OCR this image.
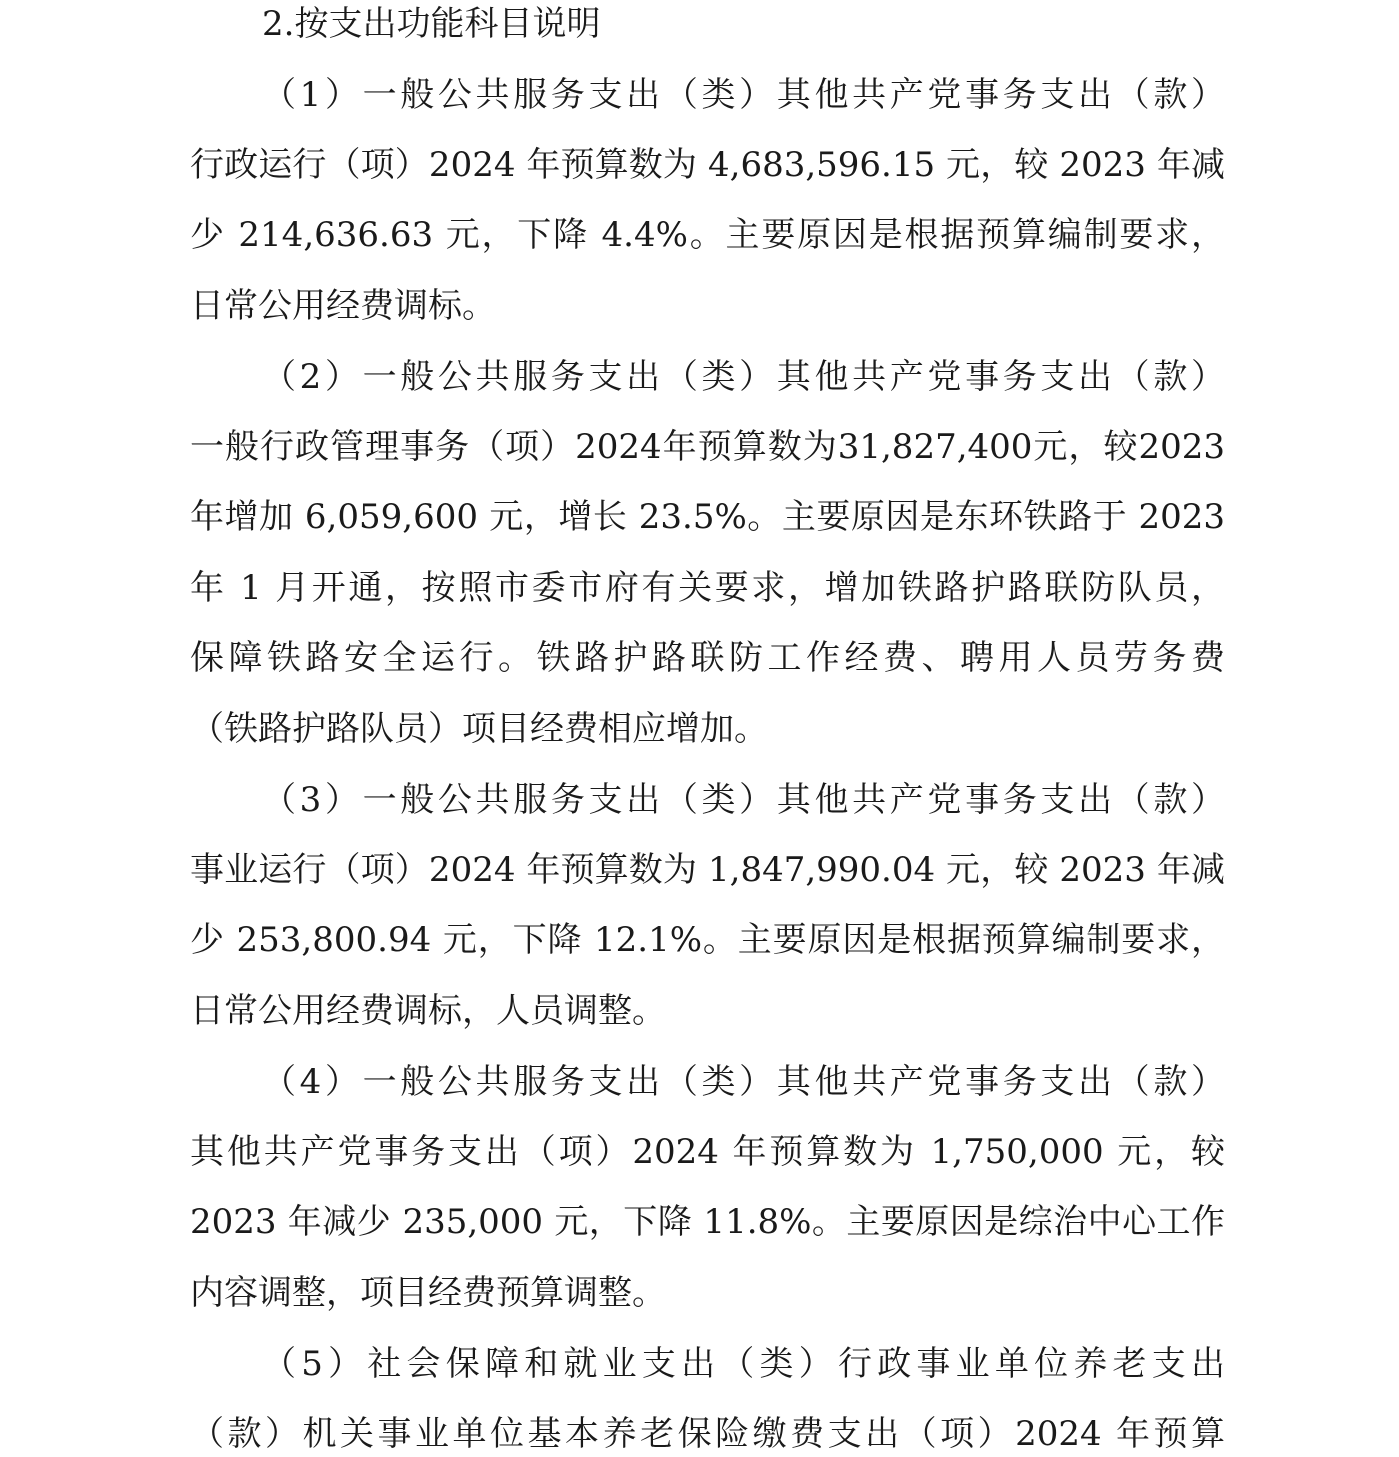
2.按支出功能科目说明
（1）一般公共服务支出（类）其他共产党事务支出（款）
行政运行（项）2024 年预算数为 4,683,596.15 元，较 2023 年减
少 214,636.63 元，下降 4.4%。主要原因是根据预算编制要求，
日常公用经费调标。
（2）一般公共服务支出（类）其他共产党事务支出（款）
一般行政管理事务（项）2024年预算数为31,827,400元，较2023
年增加 6,059,600 元，增长 23.5%。主要原因是东环铁路于 2023
年 1 月开通，按照市委市府有关要求，增加铁路护路联防队员，
保障铁路安全运行。铁路护路联防工作经费、聘用人员劳务费
（铁路护路队员）项目经费相应增加。
（3）一般公共服务支出（类）其他共产党事务支出（款）
事业运行（项）2024 年预算数为 1,847,990.04 元，较 2023 年减
少 253,800.94 元，下降 12.1%。主要原因是根据预算编制要求，
日常公用经费调标，人员调整。
（4）一般公共服务支出（类）其他共产党事务支出（款）
其他共产党事务支出（项）2024 年预算数为 1,750,000 元，较
2023 年减少 235,000 元，下降 11.8%。主要原因是综治中心工作
内容调整，项目经费预算调整。
（5）社会保障和就业支出（类）行政事业单位养老支出
（款）机关事业单位基本养老保险缴费支出（项）2024 年预算
